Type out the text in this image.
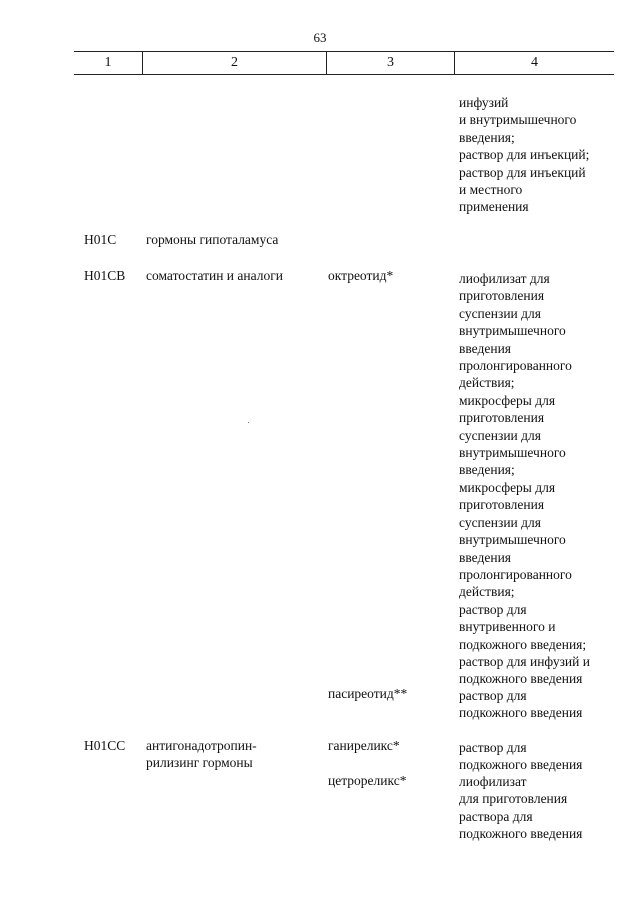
63
1	2	3	4
инфузий
и внутримышечного
введения;
раствор для инъекций;
раствор для инъекций
и местного
применения
H01C гормоны гипоталамуса
H01CB соматостатин и аналоги	октреотид*	лиофилизат для
приготовления
суспензии для
внутримышечного
введения
пролонгированного
действия;
микросферы для
приготовления
суспензии для
внутримышечного
введения;
микросферы для
приготовления
суспензии для
внутримышечного
введения
пролонгированного
действия;
раствор для
внутривенного и
подкожного введения;
раствор для инфузий и
подкожного введения
пасиреотид**	раствор для
подкожного введения
H01CC антигонадотропин-
рилизинг гормоны
ганиреликс*	раствор для
подкожного введения
цетрореликс*	лиофилизат
для приготовления
раствора для
подкожного введения
